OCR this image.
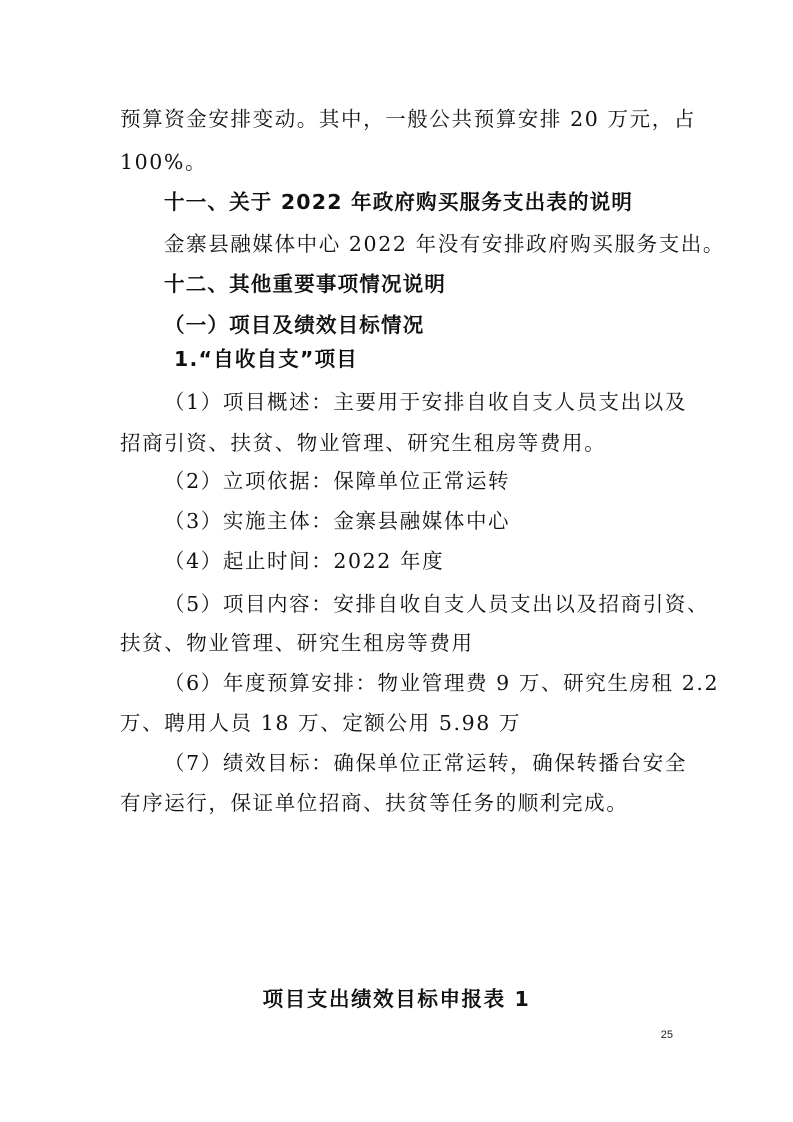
预算资金安排变动。其中，一般公共预算安排 20 万元，占
100%。
十一、关于 2022 年政府购买服务支出表的说明
金寨县融媒体中心 2022 年没有安排政府购买服务支出。
十二、其他重要事项情况说明
（一）项目及绩效目标情况
1.“自收自支”项目
（1）项目概述：主要用于安排自收自支人员支出以及
招商引资、扶贫、物业管理、研究生租房等费用。
（2）立项依据：保障单位正常运转
（3）实施主体：金寨县融媒体中心
（4）起止时间：2022 年度
（5）项目内容：安排自收自支人员支出以及招商引资、
扶贫、物业管理、研究生租房等费用
（6）年度预算安排：物业管理费 9 万、研究生房租 2.2
万、聘用人员 18 万、定额公用 5.98 万
（7）绩效目标：确保单位正常运转，确保转播台安全
有序运行，保证单位招商、扶贫等任务的顺利完成。
项目支出绩效目标申报表 1
25
